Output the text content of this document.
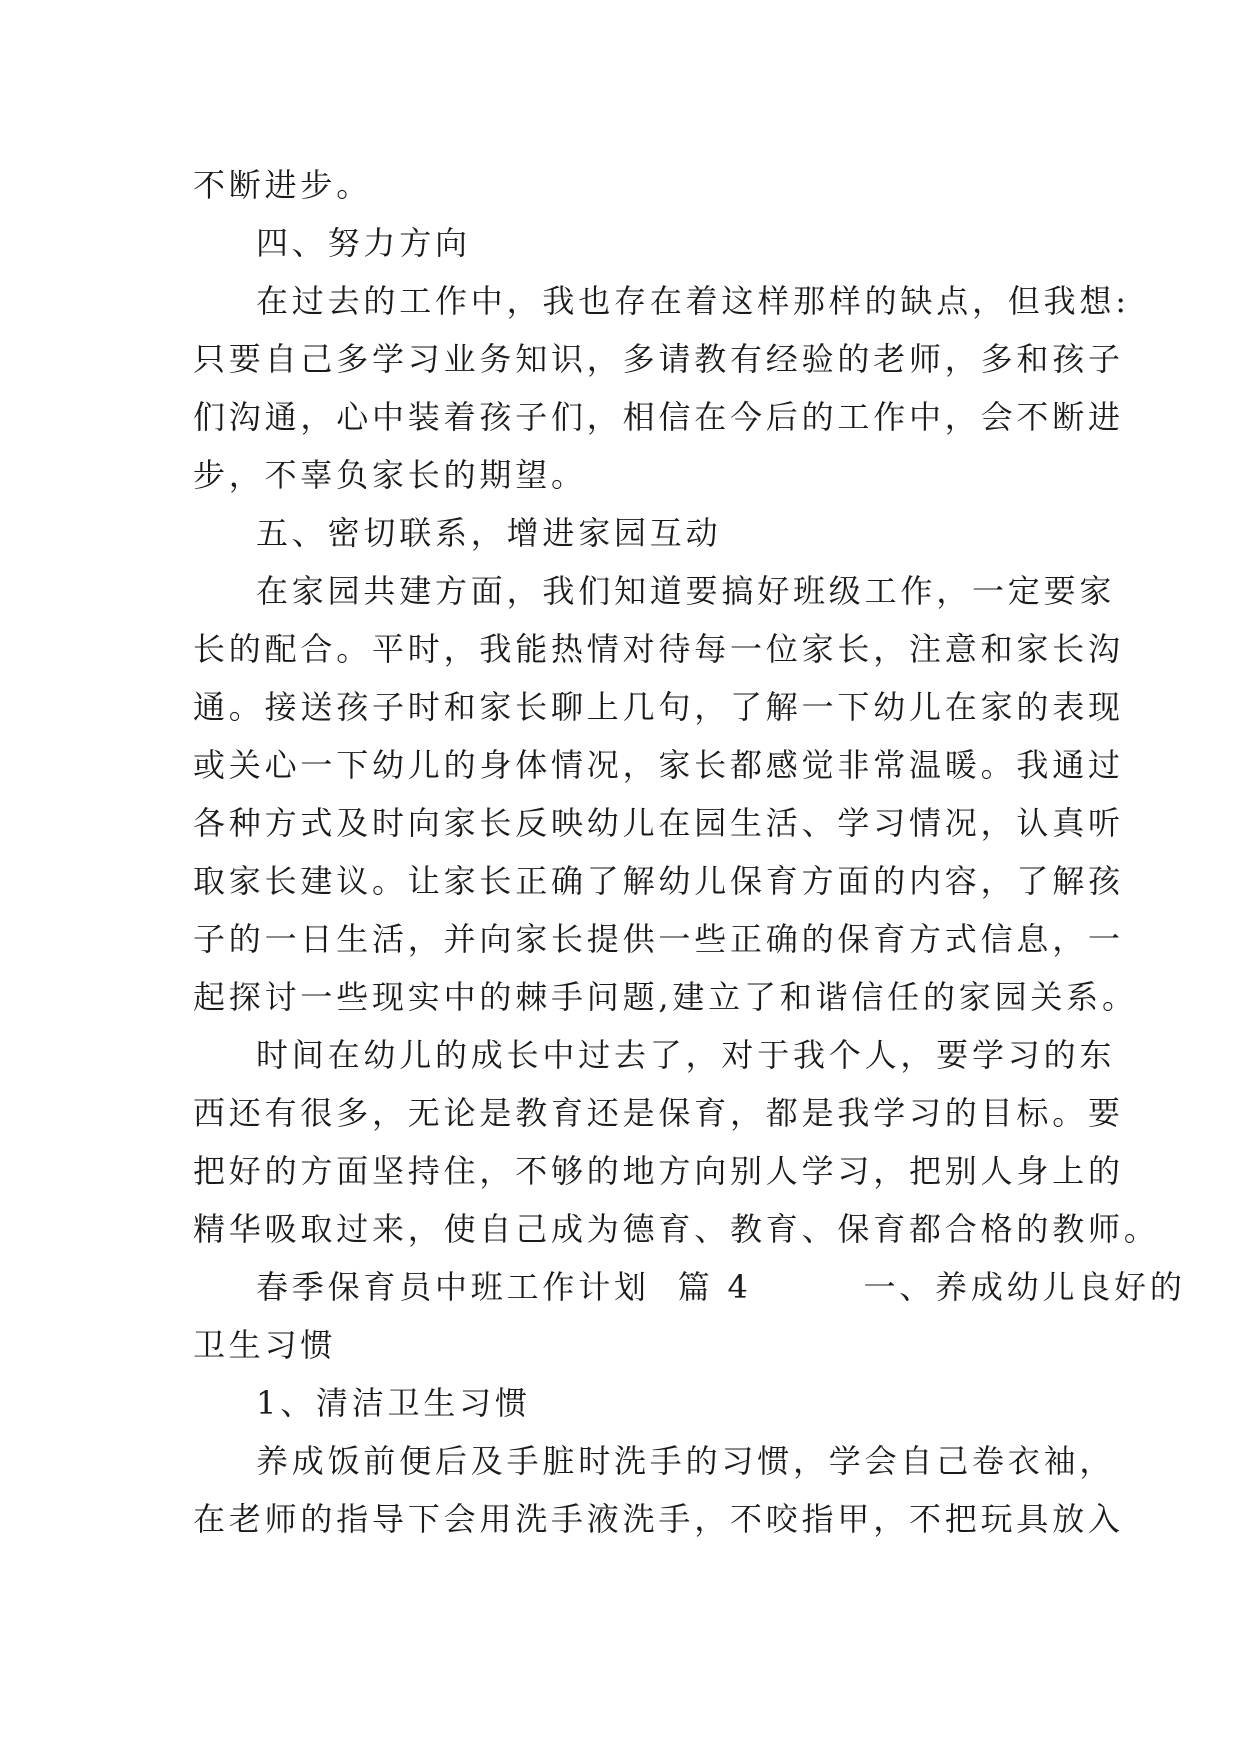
不断进步。
四、努力方向
在过去的工作中，我也存在着这样那样的缺点，但我想:
只要自己多学习业务知识，多请教有经验的老师，多和孩子
们沟通，心中装着孩子们，相信在今后的工作中，会不断进
步，不辜负家长的期望。
五、密切联系，增进家园互动
在家园共建方面，我们知道要搞好班级工作，一定要家
长的配合。平时，我能热情对待每一位家长，注意和家长沟
通。接送孩子时和家长聊上几句，了解一下幼儿在家的表现
或关心一下幼儿的身体情况，家长都感觉非常温暖。我通过
各种方式及时向家长反映幼儿在园生活、学习情况，认真听
取家长建议。让家长正确了解幼儿保育方面的内容，了解孩
子的一日生活，并向家长提供一些正确的保育方式信息，一
起探讨一些现实中的棘手问题,建立了和谐信任的家园关系。
时间在幼儿的成长中过去了，对于我个人，要学习的东
西还有很多，无论是教育还是保育，都是我学习的目标。要
把好的方面坚持住，不够的地方向别人学习，把别人身上的
精华吸取过来，使自己成为德育、教育、保育都合格的教师。
春季保育员中班工作计划  篇 4        一、养成幼儿良好的
卫生习惯
1、清洁卫生习惯
养成饭前便后及手脏时洗手的习惯，学会自己卷衣袖，
在老师的指导下会用洗手液洗手，不咬指甲，不把玩具放入
